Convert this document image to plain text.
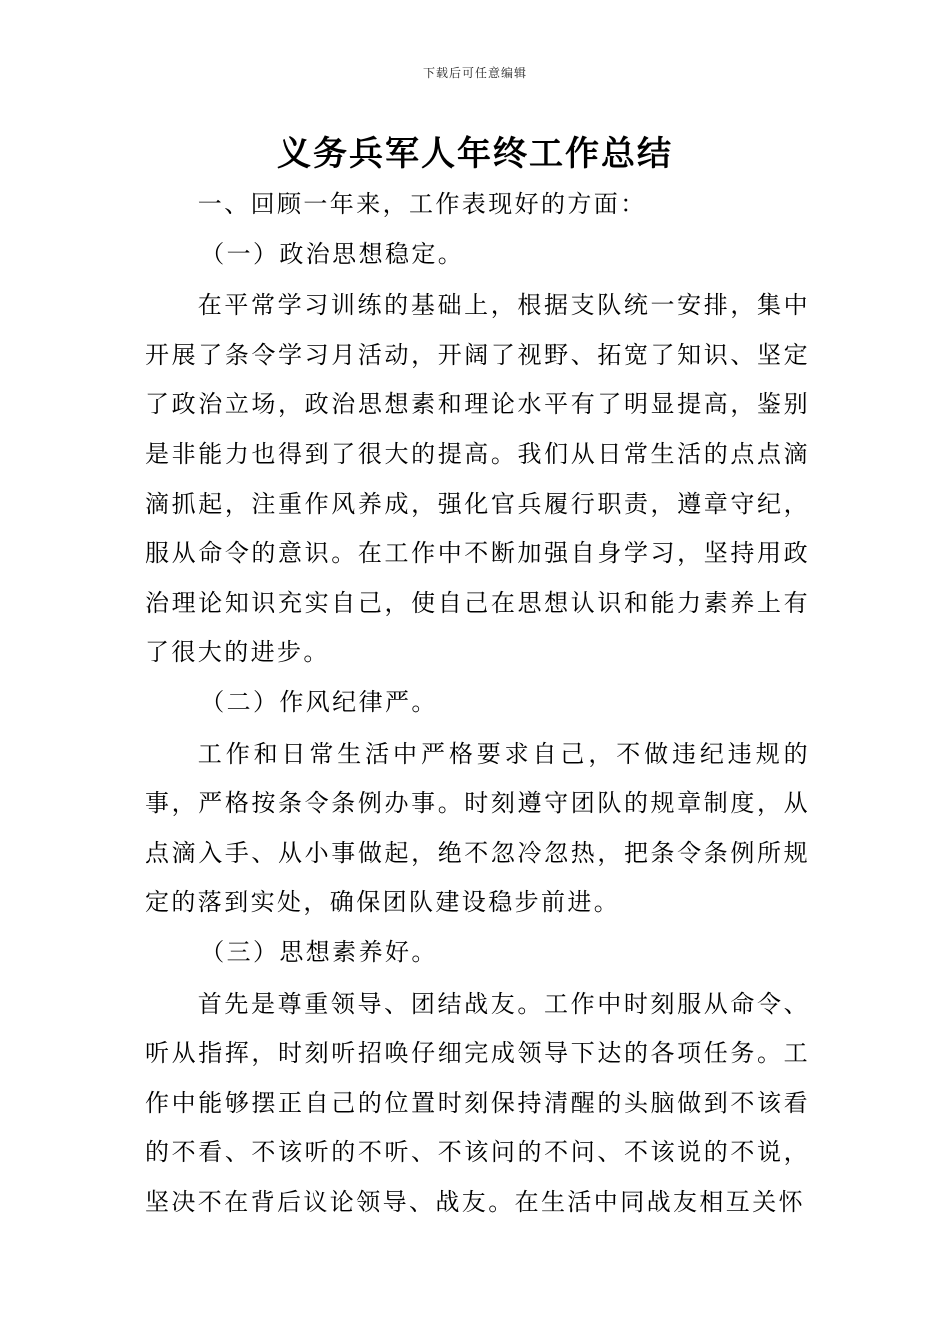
下载后可任意编辑
义务兵军人年终工作总结

一、回顾一年来，工作表现好的方面：

（一）政治思想稳定。

在平常学习训练的基础上，根据支队统一安排，集中开展了条令学习月活动，开阔了视野、拓宽了知识、坚定了政治立场，政治思想素和理论水平有了明显提高，鉴别是非能力也得到了很大的提高。我们从日常生活的点点滴滴抓起，注重作风养成，强化官兵履行职责，遵章守纪，服从命令的意识。在工作中不断加强自身学习，坚持用政治理论知识充实自己，使自己在思想认识和能力素养上有了很大的进步。

（二）作风纪律严。

工作和日常生活中严格要求自己，不做违纪违规的事，严格按条令条例办事。时刻遵守团队的规章制度，从点滴入手、从小事做起，绝不忽冷忽热，把条令条例所规定的落到实处，确保团队建设稳步前进。

（三）思想素养好。

首先是尊重领导、团结战友。工作中时刻服从命令、听从指挥，时刻听招唤仔细完成领导下达的各项任务。工作中能够摆正自己的位置时刻保持清醒的头脑做到不该看的不看、不该听的不听、不该问的不问、不该说的不说，坚决不在背后议论领导、战友。在生活中同战友相互关怀
